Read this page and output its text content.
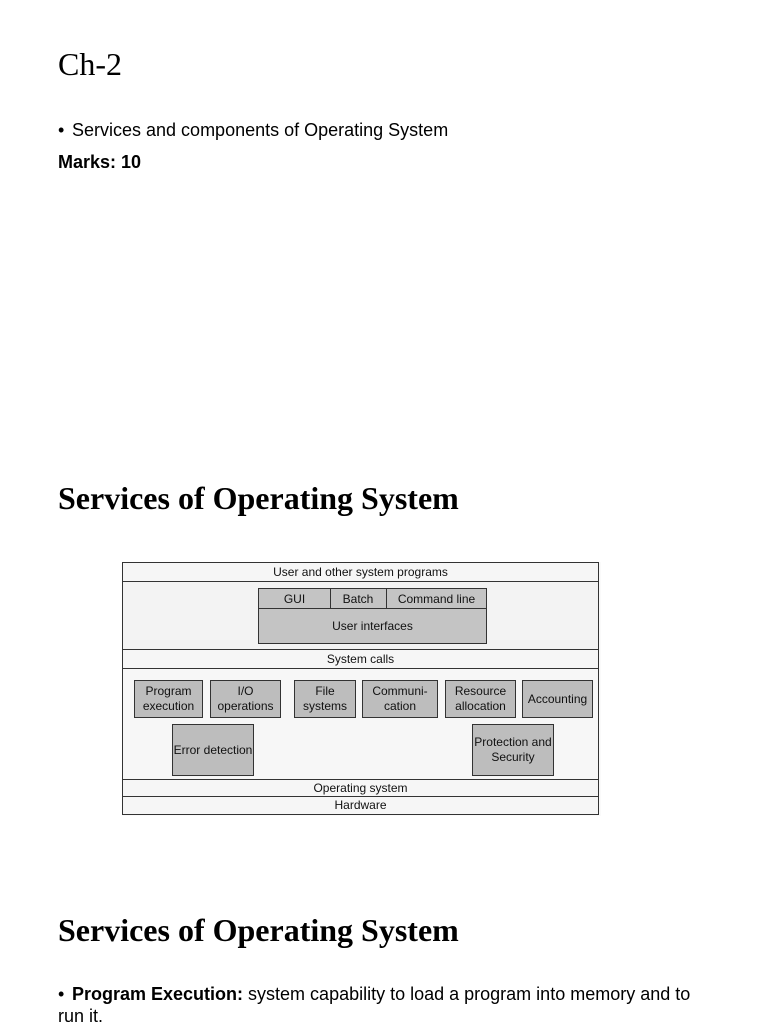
Ch-2

• Services and components of Operating System

Marks: 10

Services of Operating System
User and other system programs
GUI	Batch	Command line
User interfaces
System calls
Program execution
I/O operations
File systems
Communi- cation
Resource allocation
Accounting
Error detection
Protection and Security
Operating system
Hardware
Services of Operating System

• Program Execution: system capability to load a program into memory and to run it.
